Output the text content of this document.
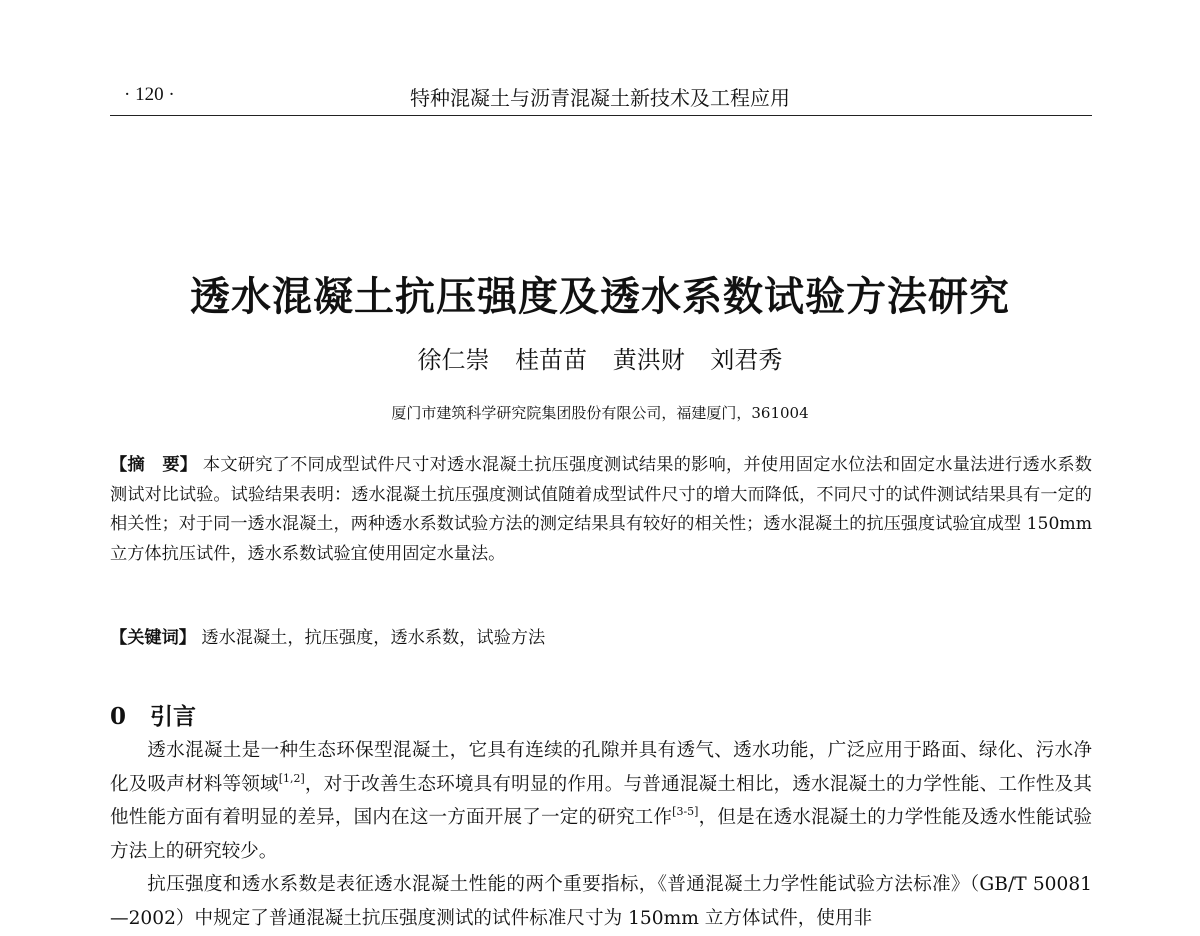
· 120 ·	特种混凝土与沥青混凝土新技术及工程应用
透水混凝土抗压强度及透水系数试验方法研究
徐仁崇 桂苗苗 黄洪财 刘君秀
厦门市建筑科学研究院集团股份有限公司，福建厦门，361004
【摘　要】 本文研究了不同成型试件尺寸对透水混凝土抗压强度测试结果的影响，并使用固定水位法和固定水量法进行透水系数测试对比试验。试验结果表明：透水混凝土抗压强度测试值随着成型试件尺寸的增大而降低，不同尺寸的试件测试结果具有一定的相关性；对于同一透水混凝土，两种透水系数试验方法的测定结果具有较好的相关性；透水混凝土的抗压强度试验宜成型 150mm 立方体抗压试件，透水系数试验宜使用固定水量法。
【关键词】 透水混凝土，抗压强度，透水系数，试验方法
0 引言

透水混凝土是一种生态环保型混凝土，它具有连续的孔隙并具有透气、透水功能，广泛应用于路面、绿化、污水净化及吸声材料等领域[1,2]，对于改善生态环境具有明显的作用。与普通混凝土相比，透水混凝土的力学性能、工作性及其他性能方面有着明显的差异，国内在这一方面开展了一定的研究工作[3-5]，但是在透水混凝土的力学性能及透水性能试验方法上的研究较少。

抗压强度和透水系数是表征透水混凝土性能的两个重要指标，《普通混凝土力学性能试验方法标准》（GB/T 50081—2002）中规定了普通混凝土抗压强度测试的试件标准尺寸为 150mm 立方体试件，使用非
